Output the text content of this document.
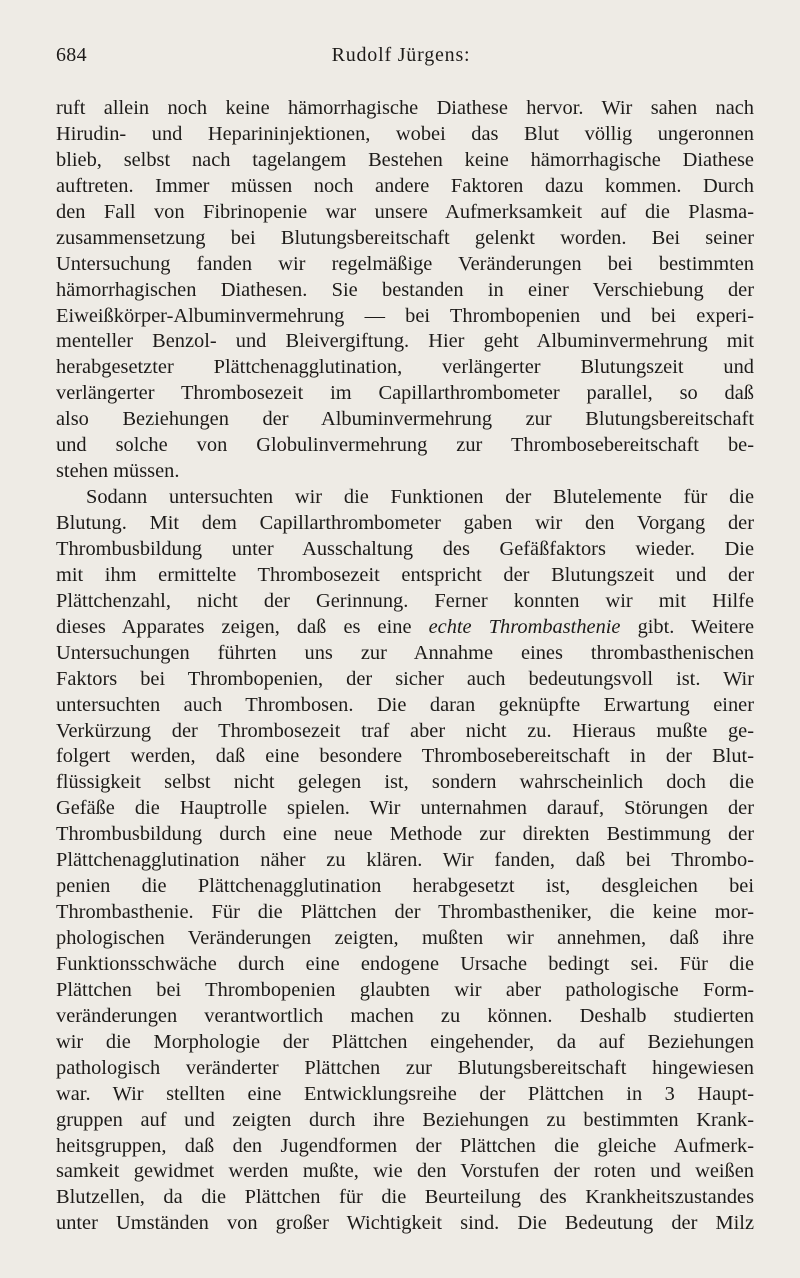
684	Rudolf Jürgens:
ruft allein noch keine hämorrhagische Diathese hervor. Wir sahen nach
Hirudin- und Heparininjektionen, wobei das Blut völlig ungeronnen
blieb, selbst nach tagelangem Bestehen keine hämorrhagische Diathese
auftreten. Immer müssen noch andere Faktoren dazu kommen. Durch
den Fall von Fibrinopenie war unsere Aufmerksamkeit auf die Plasma-
zusammensetzung bei Blutungsbereitschaft gelenkt worden. Bei seiner
Untersuchung fanden wir regelmäßige Veränderungen bei bestimmten
hämorrhagischen Diathesen. Sie bestanden in einer Verschiebung der
Eiweißkörper-Albuminvermehrung — bei Thrombopenien und bei experi-
menteller Benzol- und Bleivergiftung. Hier geht Albuminvermehrung mit
herabgesetzter Plättchenagglutination, verlängerter Blutungszeit und
verlängerter Thrombosezeit im Capillarthrombometer parallel, so daß
also Beziehungen der Albuminvermehrung zur Blutungsbereitschaft
und solche von Globulinvermehrung zur Thrombosebereitschaft be-
stehen müssen.
Sodann untersuchten wir die Funktionen der Blutelemente für die
Blutung. Mit dem Capillarthrombometer gaben wir den Vorgang der
Thrombusbildung unter Ausschaltung des Gefäßfaktors wieder. Die
mit ihm ermittelte Thrombosezeit entspricht der Blutungszeit und der
Plättchenzahl, nicht der Gerinnung. Ferner konnten wir mit Hilfe
dieses Apparates zeigen, daß es eine echte Thrombasthenie gibt. Weitere
Untersuchungen führten uns zur Annahme eines thrombasthenischen
Faktors bei Thrombopenien, der sicher auch bedeutungsvoll ist. Wir
untersuchten auch Thrombosen. Die daran geknüpfte Erwartung einer
Verkürzung der Thrombosezeit traf aber nicht zu. Hieraus mußte ge-
folgert werden, daß eine besondere Thrombosebereitschaft in der Blut-
flüssigkeit selbst nicht gelegen ist, sondern wahrscheinlich doch die
Gefäße die Hauptrolle spielen. Wir unternahmen darauf, Störungen der
Thrombusbildung durch eine neue Methode zur direkten Bestimmung der
Plättchenagglutination näher zu klären. Wir fanden, daß bei Thrombo-
penien die Plättchenagglutination herabgesetzt ist, desgleichen bei
Thrombasthenie. Für die Plättchen der Thrombastheniker, die keine mor-
phologischen Veränderungen zeigten, mußten wir annehmen, daß ihre
Funktionsschwäche durch eine endogene Ursache bedingt sei. Für die
Plättchen bei Thrombopenien glaubten wir aber pathologische Form-
veränderungen verantwortlich machen zu können. Deshalb studierten
wir die Morphologie der Plättchen eingehender, da auf Beziehungen
pathologisch veränderter Plättchen zur Blutungsbereitschaft hingewiesen
war. Wir stellten eine Entwicklungsreihe der Plättchen in 3 Haupt-
gruppen auf und zeigten durch ihre Beziehungen zu bestimmten Krank-
heitsgruppen, daß den Jugendformen der Plättchen die gleiche Aufmerk-
samkeit gewidmet werden mußte, wie den Vorstufen der roten und weißen
Blutzellen, da die Plättchen für die Beurteilung des Krankheitszustandes
unter Umständen von großer Wichtigkeit sind. Die Bedeutung der Milz
